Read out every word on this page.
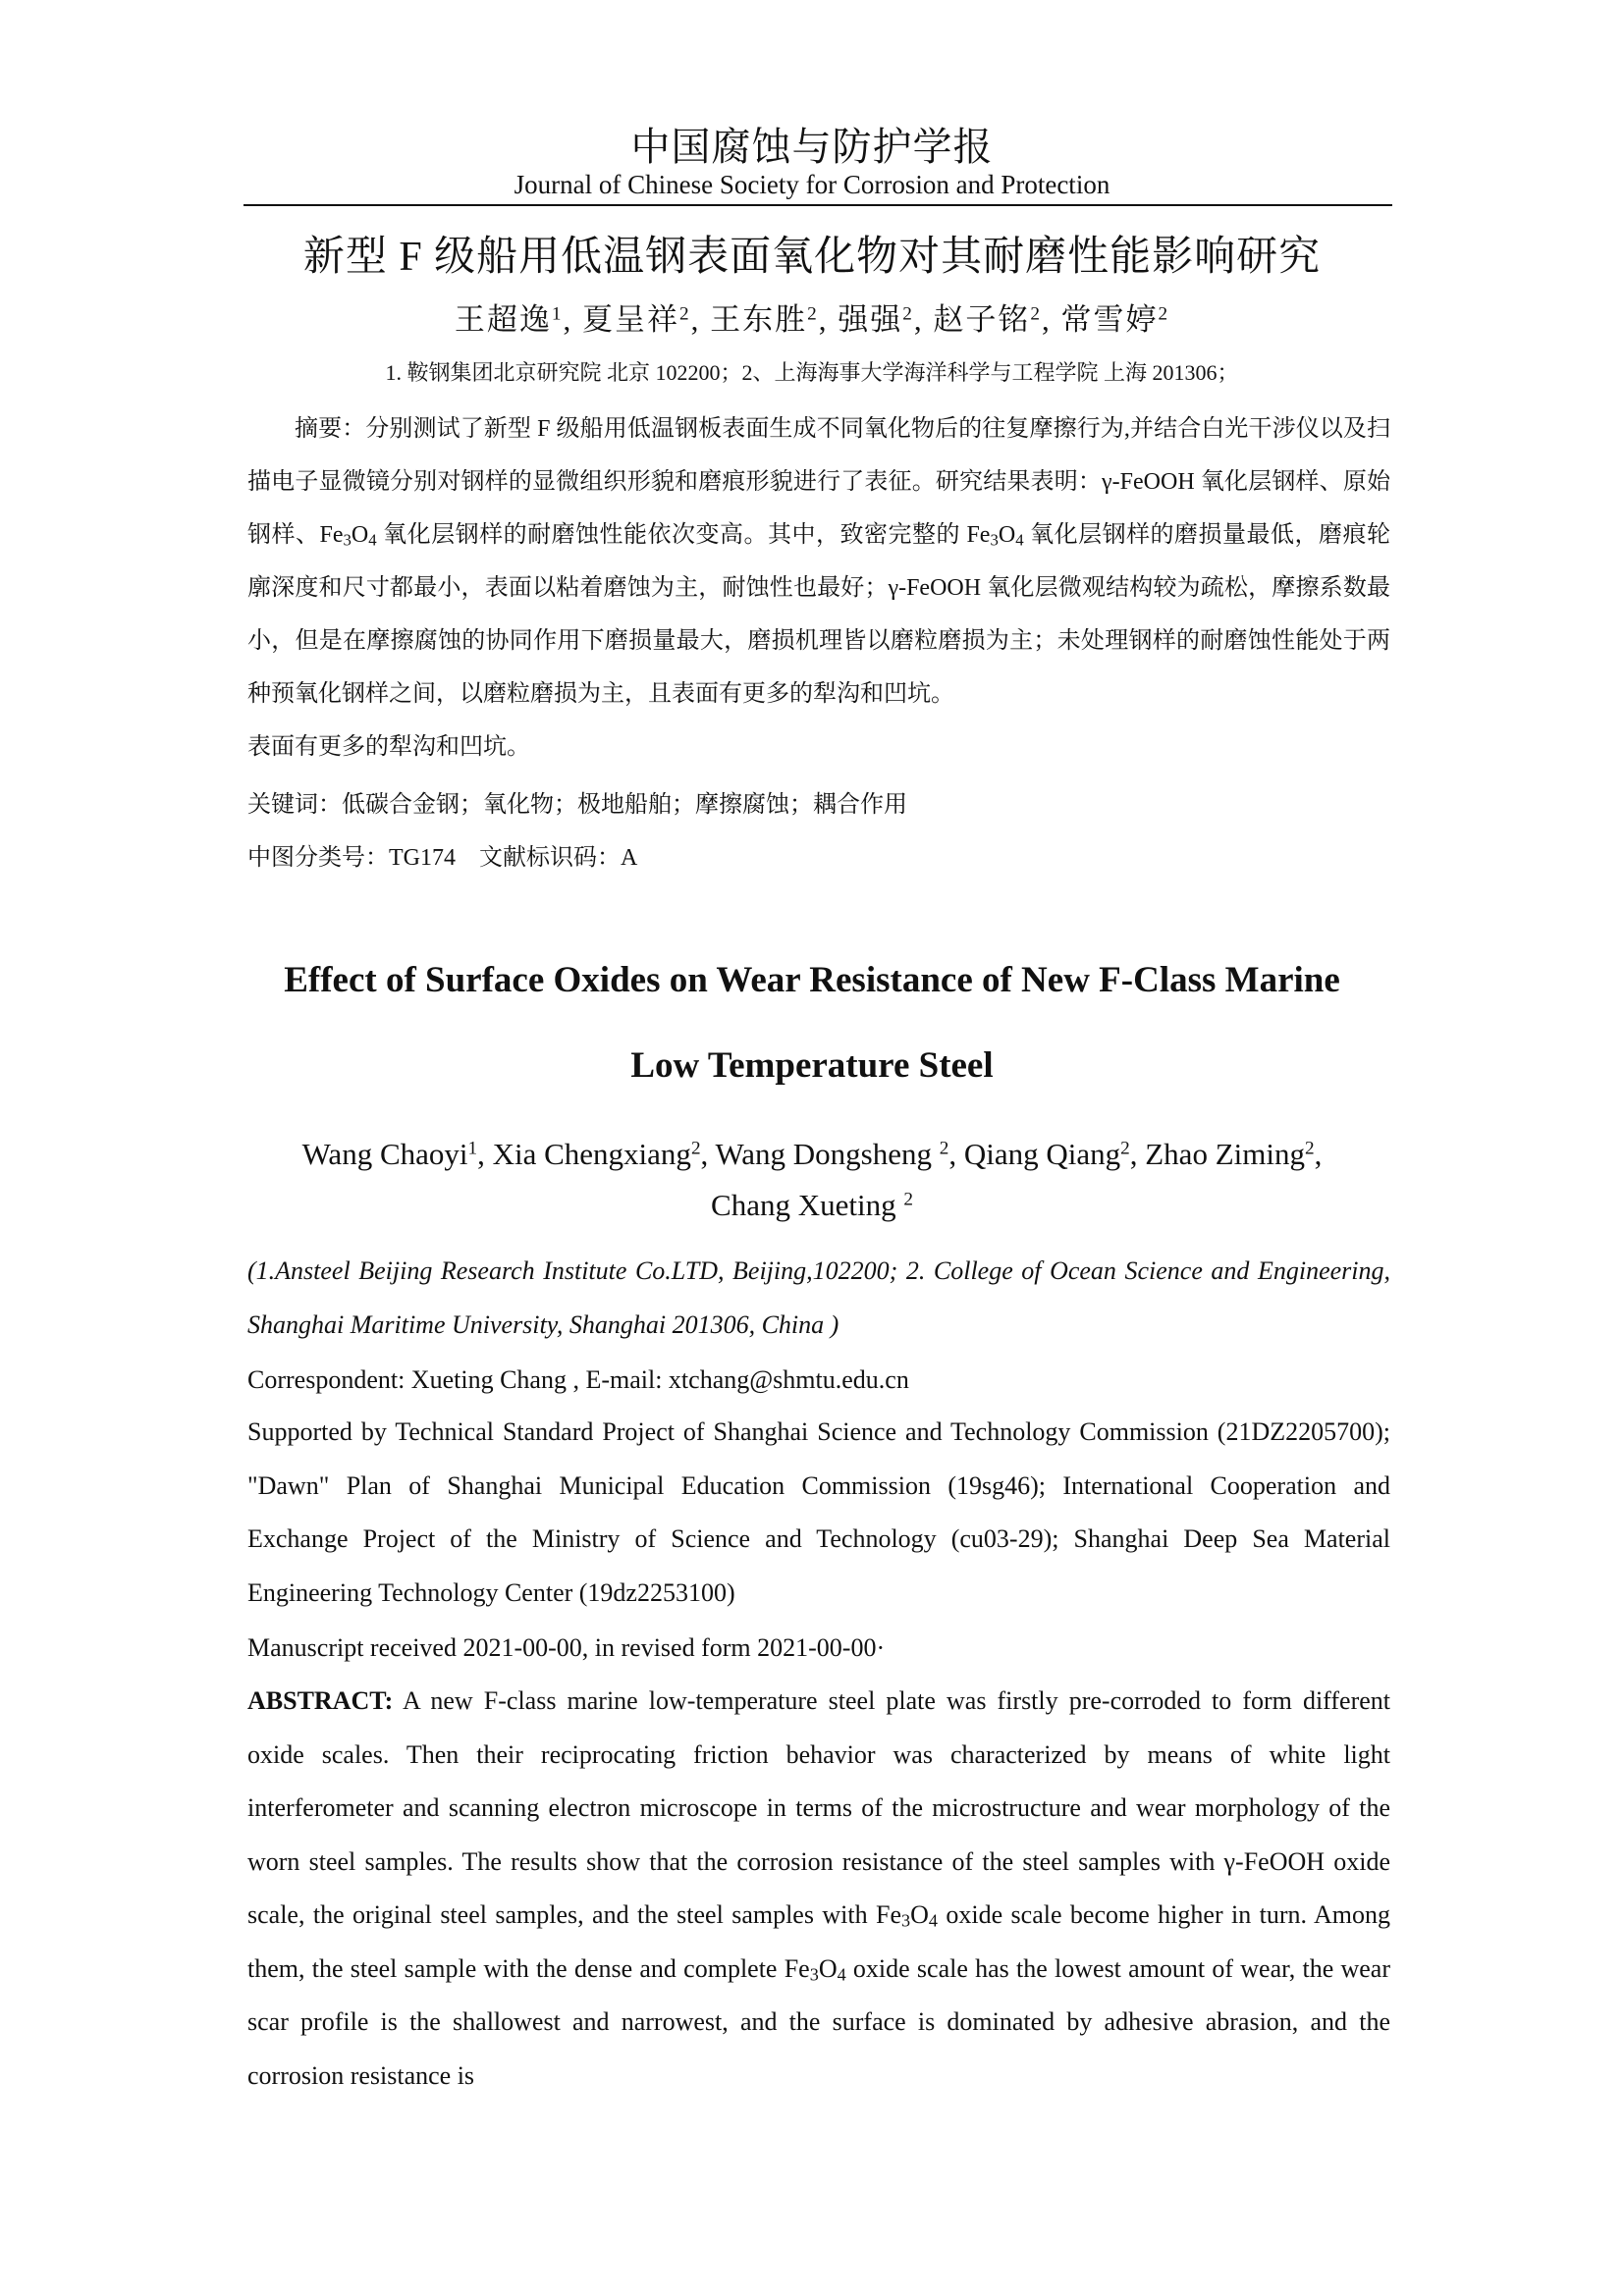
中国腐蚀与防护学报
Journal of Chinese Society for Corrosion and Protection
新型 F 级船用低温钢表面氧化物对其耐磨性能影响研究
王超逸$^1$, 夏呈祥$^2$, 王东胜$^2$, 强强$^2$, 赵子铭$^2$, 常雪婷$^2$
1. 鞍钢集团北京研究院 北京 102200；2、上海海事大学海洋科学与工程学院 上海 201306；
摘要：分别测试了新型 F 级船用低温钢板表面生成不同氧化物后的往复摩擦行为,并结合白光干涉仪以及扫描电子显微镜分别对钢样的显微组织形貌和磨痕形貌进行了表征。研究结果表明：γ-FeOOH 氧化层钢样、原始钢样、$Fe_3O_4$ 氧化层钢样的耐磨蚀性能依次变高。其中，致密完整的 $Fe_3O_4$ 氧化层钢样的磨损量最低，磨痕轮廓深度和尺寸都最小，表面以粘着磨蚀为主，耐蚀性也最好；γ-FeOOH 氧化层微观结构较为疏松，摩擦系数最小，但是在摩擦腐蚀的协同作用下磨损量最大，磨损机理皆以磨粒磨损为主；未处理钢样的耐磨蚀性能处于两种预氧化钢样之间，以磨粒磨损为主，且表面有更多的犁沟和凹坑。
表面有更多的犁沟和凹坑。
关键词：低碳合金钢；氧化物；极地船舶；摩擦腐蚀；耦合作用
中图分类号：TG174    文献标识码：A
Effect of Surface Oxides on Wear Resistance of New F-Class Marine
Low Temperature Steel
Wang Chaoyi$^1$, Xia Chengxiang$^2$, Wang Dongsheng $^2$, Qiang Qiang$^2$, Zhao Ziming$^2$, Chang Xueting $^2$
(1.Ansteel Beijing Research Institute Co.LTD, Beijing,102200; 2. College of Ocean Science and Engineering, Shanghai Maritime University, Shanghai 201306, China )
Correspondent: Xueting Chang , E-mail: xtchang@shmtu.edu.cn
Supported by Technical Standard Project of Shanghai Science and Technology Commission (21DZ2205700); "Dawn" Plan of Shanghai Municipal Education Commission (19sg46); International Cooperation and Exchange Project of the Ministry of Science and Technology (cu03-29); Shanghai Deep Sea Material Engineering Technology Center (19dz2253100)
Manuscript received 2021-00-00, in revised form 2021-00-00·
ABSTRACT: A new F-class marine low-temperature steel plate was firstly pre-corroded to form different oxide scales. Then their reciprocating friction behavior was characterized by means of white light interferometer and scanning electron microscope in terms of the microstructure and wear morphology of the worn steel samples. The results show that the corrosion resistance of the steel samples with γ-FeOOH oxide scale, the original steel samples, and the steel samples with $Fe_3O_4$ oxide scale become higher in turn. Among them, the steel sample with the dense and complete $Fe_3O_4$ oxide scale has the lowest amount of wear, the wear scar profile is the shallowest and narrowest, and the surface is dominated by adhesive abrasion, and the corrosion resistance is
